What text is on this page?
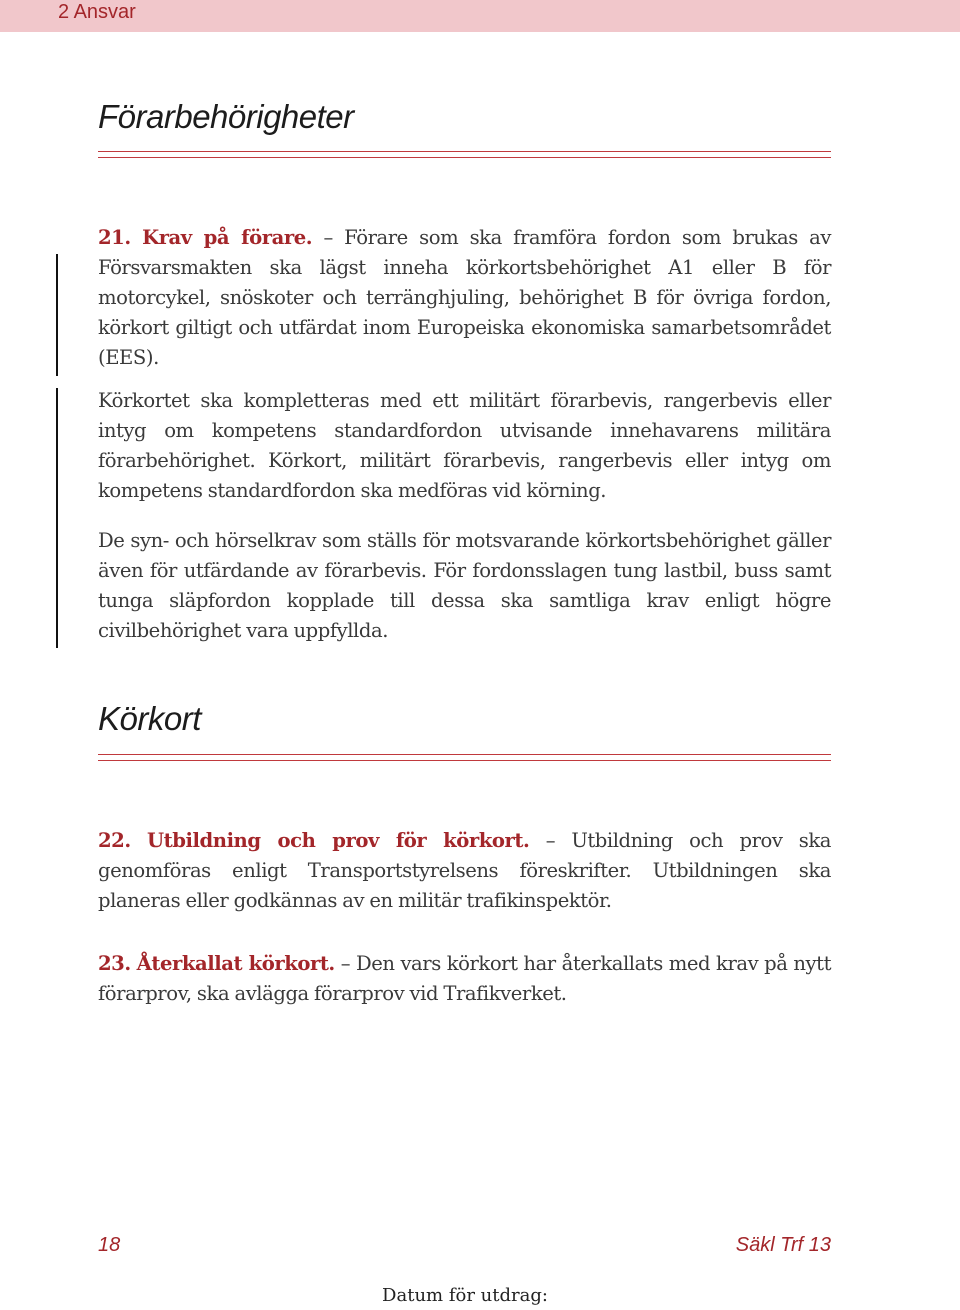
2 Ansvar
Förarbehörigheter

21. Krav på förare. – Förare som ska framföra fordon som brukas av Försvarsmakten ska lägst inneha körkortsbehörighet A1 eller B för motorcykel, snöskoter och terränghjuling, behörighet B för övriga fordon, körkort giltigt och utfärdat inom Europeiska ekonomiska samarbetsområdet (EES).

Körkortet ska kompletteras med ett militärt förarbevis, rangerbevis eller intyg om kompetens standardfordon utvisande innehavarens militära förarbehörighet. Körkort, militärt förarbevis, rangerbevis eller intyg om kompetens standardfordon ska medföras vid körning.

De syn- och hörselkrav som ställs för motsvarande körkortsbehörighet gäller även för utfärdande av förarbevis. För fordonsslagen tung lastbil, buss samt tunga släpfordon kopplade till dessa ska samtliga krav enligt högre civilbehörighet vara uppfyllda.

Körkort

22. Utbildning och prov för körkort. – Utbildning och prov ska genomföras enligt Transportstyrelsens föreskrifter. Utbildningen ska planeras eller godkännas av en militär trafikinspektör.

23. Återkallat körkort. – Den vars körkort har återkallats med krav på nytt förarprov, ska avlägga förarprov vid Trafikverket.

18	Säkl Trf 13
Datum för utdrag:
